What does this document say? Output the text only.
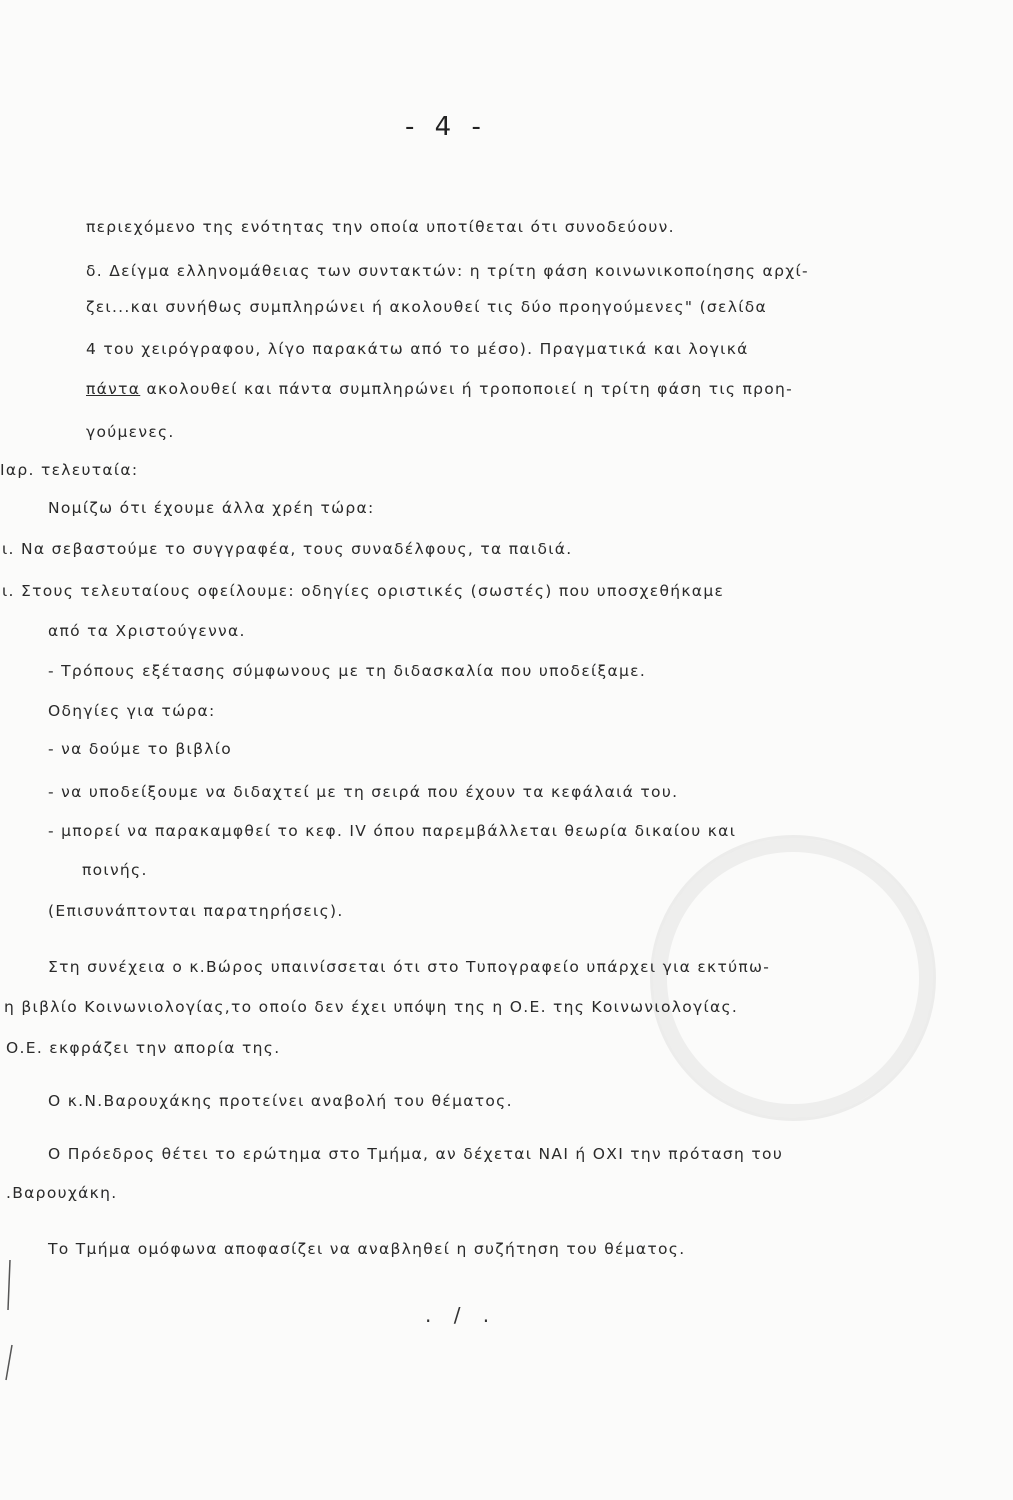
- 4 -
περιεχόμενο της ενότητας την οποία υποτίθεται ότι συνοδεύουν.
δ. Δείγμα ελληνομάθειας των συντακτών: η τρίτη φάση κοινωνικοποίησης αρχί-
ζει...και συνήθως συμπληρώνει ή ακολουθεί τις δύο προηγούμενες" (σελίδα
4 του χειρόγραφου, λίγο παρακάτω από το μέσο). Πραγματικά και λογικά
πάντα ακολουθεί και πάντα συμπληρώνει ή τροποποιεί η τρίτη φάση τις προη-
γούμενες.
Ιαρ. τελευταία:
Νομίζω ότι έχουμε άλλα χρέη τώρα:
ι. Να σεβαστούμε το συγγραφέα, τους συναδέλφους, τα παιδιά.
ι. Στους τελευταίους οφείλουμε: οδηγίες οριστικές (σωστές) που υποσχεθήκαμε
από τα Χριστούγεννα.
- Τρόπους εξέτασης σύμφωνους με τη διδασκαλία που υποδείξαμε.
Οδηγίες για τώρα:
- να δούμε το βιβλίο
- να υποδείξουμε να διδαχτεί με τη σειρά που έχουν τα κεφάλαιά του.
- μπορεί να παρακαμφθεί το κεφ. IV όπου παρεμβάλλεται θεωρία δικαίου και
ποινής.
(Επισυνάπτονται παρατηρήσεις).
Στη συνέχεια ο κ.Βώρος υπαινίσσεται ότι στο Τυπογραφείο υπάρχει για εκτύπω-
η βιβλίο Κοινωνιολογίας,το οποίο δεν έχει υπόψη της η Ο.Ε. της Κοινωνιολογίας.
Ο.Ε. εκφράζει την απορία της.
Ο κ.Ν.Βαρουχάκης προτείνει αναβολή του θέματος.
Ο Πρόεδρος θέτει το ερώτημα στο Τμήμα, αν δέχεται ΝΑΙ ή ΟΧΙ την πρόταση του
.Βαρουχάκη.
Το Τμήμα ομόφωνα αποφασίζει να αναβληθεί η συζήτηση του θέματος.
. / .
